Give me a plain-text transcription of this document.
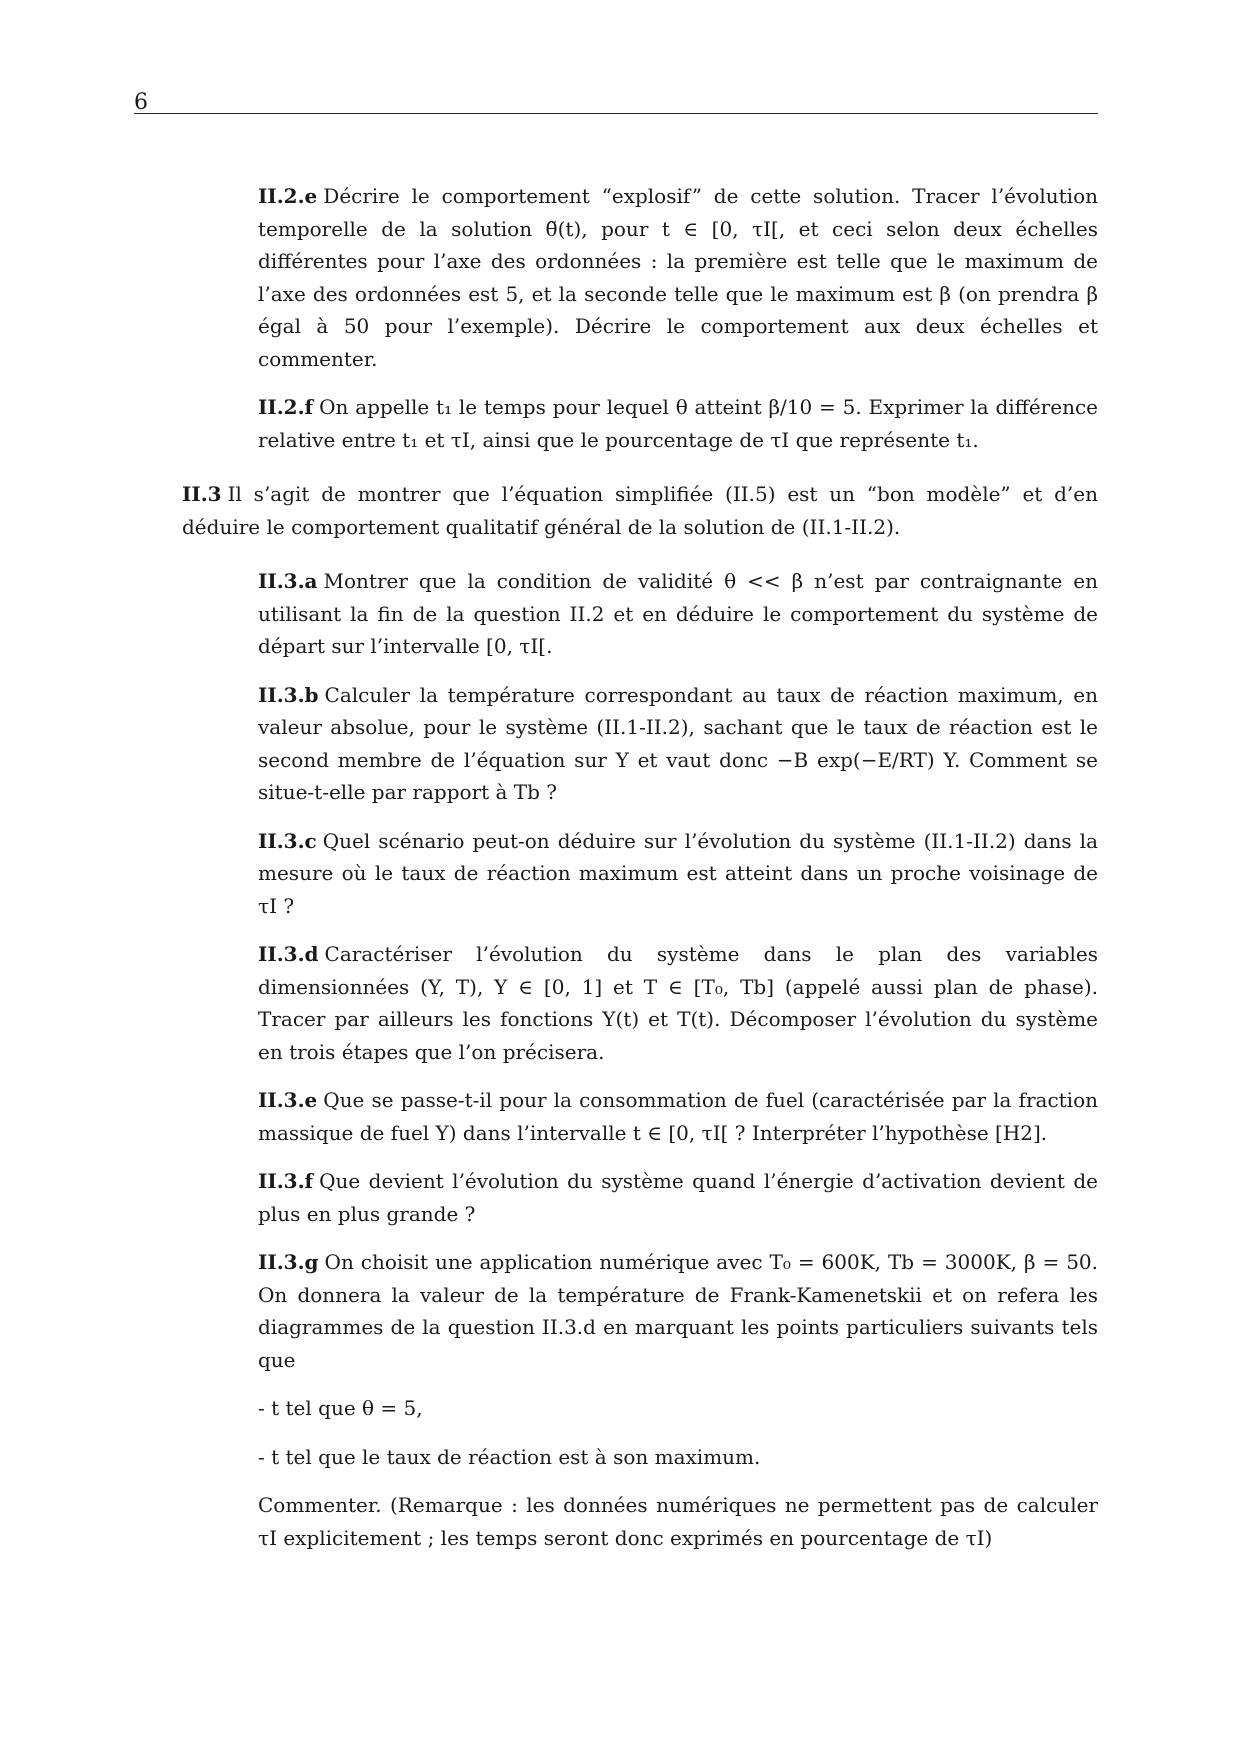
6

II.2.e Décrire le comportement “explosif” de cette solution. Tracer l’évolution temporelle de la solution θ̃(t), pour t ∈ [0, τI[, et ceci selon deux échelles différentes pour l’axe des ordonnées : la première est telle que le maximum de l’axe des ordonnées est 5, et la seconde telle que le maximum est β (on prendra β égal à 50 pour l’exemple). Décrire le comportement aux deux échelles et commenter.

II.2.f On appelle t₁ le temps pour lequel θ atteint β/10 = 5. Exprimer la différence relative entre t₁ et τI, ainsi que le pourcentage de τI que représente t₁.

II.3 Il s’agit de montrer que l’équation simplifiée (II.5) est un “bon modèle” et d’en déduire le comportement qualitatif général de la solution de (II.1-II.2).

II.3.a Montrer que la condition de validité θ << β n’est par contraignante en utilisant la fin de la question II.2 et en déduire le comportement du système de départ sur l’intervalle [0, τI[.

II.3.b Calculer la température correspondant au taux de réaction maximum, en valeur absolue, pour le système (II.1-II.2), sachant que le taux de réaction est le second membre de l’équation sur Y et vaut donc −B exp(−E/RT) Y. Comment se situe-t-elle par rapport à Tb ?

II.3.c Quel scénario peut-on déduire sur l’évolution du système (II.1-II.2) dans la mesure où le taux de réaction maximum est atteint dans un proche voisinage de τI ?

II.3.d Caractériser l’évolution du système dans le plan des variables dimensionnées (Y, T), Y ∈ [0, 1] et T ∈ [T₀, Tb] (appelé aussi plan de phase). Tracer par ailleurs les fonctions Y(t) et T(t). Décomposer l’évolution du système en trois étapes que l’on précisera.

II.3.e Que se passe-t-il pour la consommation de fuel (caractérisée par la fraction massique de fuel Y) dans l’intervalle t ∈ [0, τI[ ? Interpréter l’hypothèse [H2].

II.3.f Que devient l’évolution du système quand l’énergie d’activation devient de plus en plus grande ?

II.3.g On choisit une application numérique avec T₀ = 600K, Tb = 3000K, β = 50. On donnera la valeur de la température de Frank-Kamenetskii et on refera les diagrammes de la question II.3.d en marquant les points particuliers suivants tels que

- t tel que θ = 5,

- t tel que le taux de réaction est à son maximum.

Commenter. (Remarque : les données numériques ne permettent pas de calculer τI explicitement ; les temps seront donc exprimés en pourcentage de τI)
